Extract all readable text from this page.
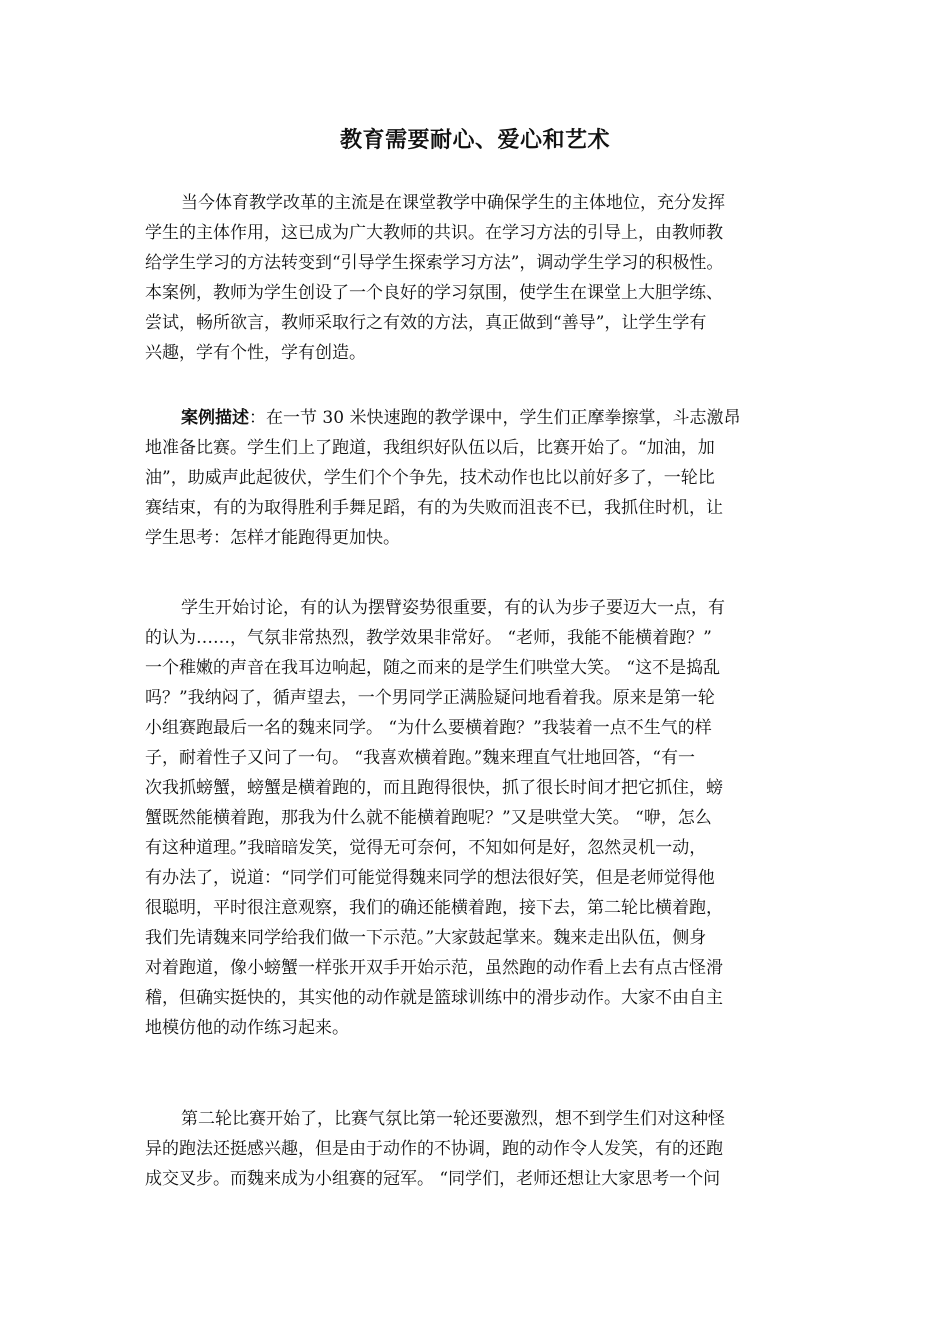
教育需要耐心、爱心和艺术
当今体育教学改革的主流是在课堂教学中确保学生的主体地位，充分发挥
学生的主体作用，这已成为广大教师的共识。在学习方法的引导上，由教师教
给学生学习的方法转变到“引导学生探索学习方法”，调动学生学习的积极性。
本案例，教师为学生创设了一个良好的学习氛围，使学生在课堂上大胆学练、
尝试，畅所欲言，教师采取行之有效的方法，真正做到“善导”，让学生学有
兴趣，学有个性，学有创造。
案例描述：在一节 30 米快速跑的教学课中，学生们正摩拳擦掌，斗志激昂
地准备比赛。学生们上了跑道，我组织好队伍以后，比赛开始了。“加油，加
油”，助威声此起彼伏，学生们个个争先，技术动作也比以前好多了，一轮比
赛结束，有的为取得胜利手舞足蹈，有的为失败而沮丧不已，我抓住时机，让
学生思考：怎样才能跑得更加快。
学生开始讨论，有的认为摆臂姿势很重要，有的认为步子要迈大一点，有
的认为……，气氛非常热烈，教学效果非常好。 “老师，我能不能横着跑？”
一个稚嫩的声音在我耳边响起，随之而来的是学生们哄堂大笑。 “这不是捣乱
吗？”我纳闷了，循声望去，一个男同学正满脸疑问地看着我。原来是第一轮
小组赛跑最后一名的魏来同学。 “为什么要横着跑？”我装着一点不生气的样
子，耐着性子又问了一句。 “我喜欢横着跑。”魏来理直气壮地回答，“有一
次我抓螃蟹，螃蟹是横着跑的，而且跑得很快，抓了很长时间才把它抓住，螃
蟹既然能横着跑，那我为什么就不能横着跑呢？”又是哄堂大笑。 “咿，怎么
有这种道理。”我暗暗发笑，觉得无可奈何，不知如何是好，忽然灵机一动，
有办法了，说道：“同学们可能觉得魏来同学的想法很好笑，但是老师觉得他
很聪明，平时很注意观察，我们的确还能横着跑，接下去，第二轮比横着跑，
我们先请魏来同学给我们做一下示范。”大家鼓起掌来。魏来走出队伍，侧身
对着跑道，像小螃蟹一样张开双手开始示范，虽然跑的动作看上去有点古怪滑
稽，但确实挺快的，其实他的动作就是篮球训练中的滑步动作。大家不由自主
地模仿他的动作练习起来。
第二轮比赛开始了，比赛气氛比第一轮还要激烈，想不到学生们对这种怪
异的跑法还挺感兴趣，但是由于动作的不协调，跑的动作令人发笑，有的还跑
成交叉步。而魏来成为小组赛的冠军。 “同学们，老师还想让大家思考一个问
